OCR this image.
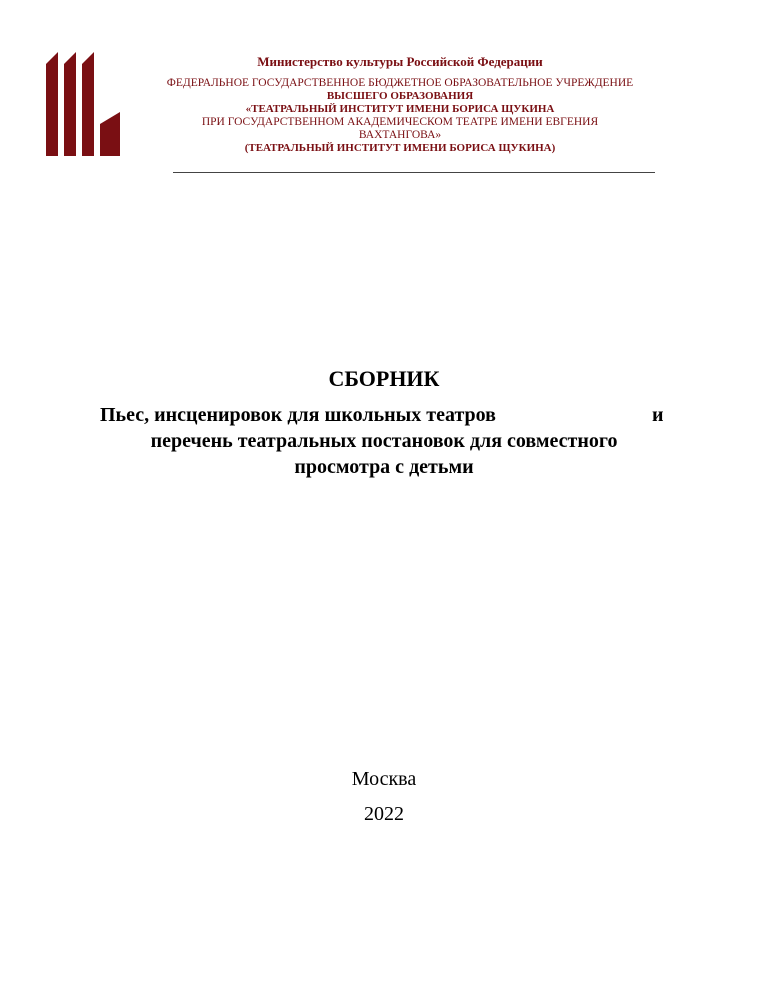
Министерство культуры Российской Федерации
ФЕДЕРАЛЬНОЕ ГОСУДАРСТВЕННОЕ БЮДЖЕТНОЕ ОБРАЗОВАТЕЛЬНОЕ УЧРЕЖДЕНИЕ
ВЫСШЕГО ОБРАЗОВАНИЯ
«ТЕАТРАЛЬНЫЙ ИНСТИТУТ ИМЕНИ БОРИСА ЩУКИНА
ПРИ ГОСУДАРСТВЕННОМ АКАДЕМИЧЕСКОМ ТЕАТРЕ ИМЕНИ ЕВГЕНИЯ
ВАХТАНГОВА»
(ТЕАТРАЛЬНЫЙ ИНСТИТУТ ИМЕНИ БОРИСА ЩУКИНА)
СБОРНИК
Пьес, инсценировок для школьных театров	и
перечень театральных постановок для совместного
просмотра с детьми
Москва
2022
